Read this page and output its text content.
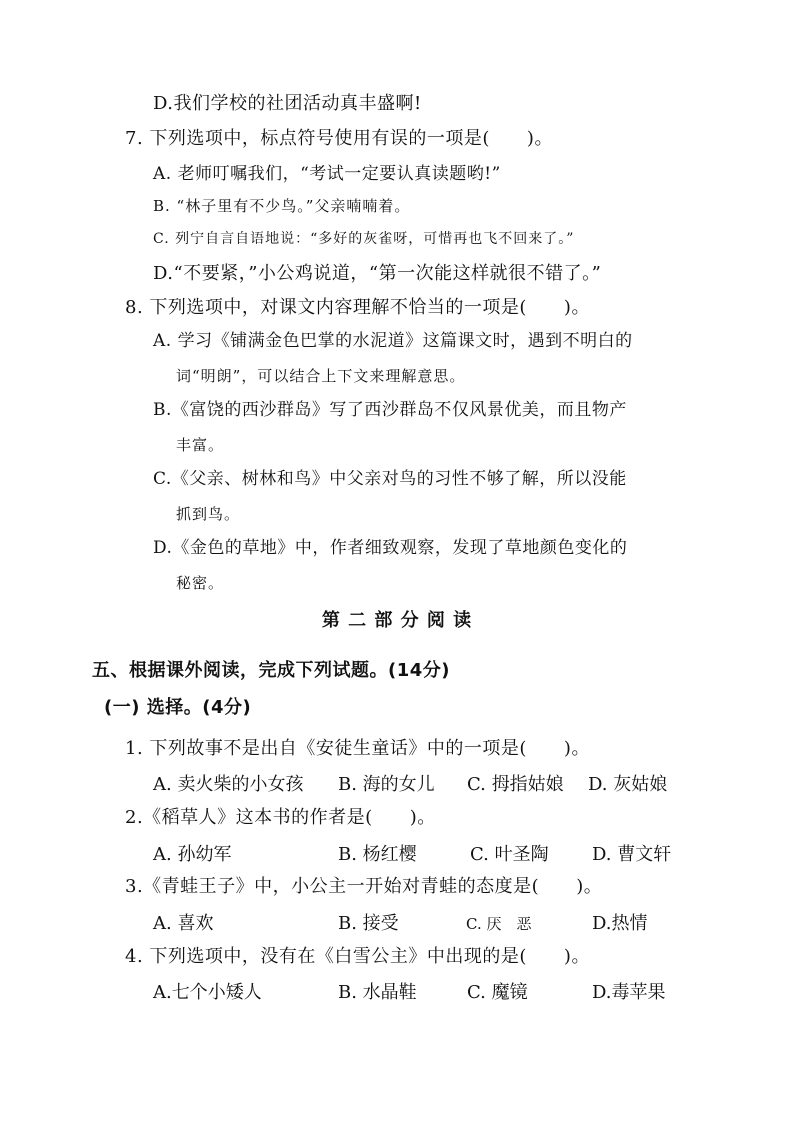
D.我们学校的社团活动真丰盛啊!
7. 下列选项中，标点符号使用有误的一项是(　　)。
A. 老师叮嘱我们，“考试一定要认真读题哟!”
B. “林子里有不少鸟。”父亲喃喃着。
C. 列宁自言自语地说：“多好的灰雀呀，可惜再也飞不回来了。”
D.“不要紧，”小公鸡说道，“第一次能这样就很不错了。”
8. 下列选项中，对课文内容理解不恰当的一项是(　　)。
A. 学习《铺满金色巴掌的水泥道》这篇课文时，遇到不明白的
词“明朗”，可以结合上下文来理解意思。
B.《富饶的西沙群岛》写了西沙群岛不仅风景优美，而且物产
丰富。
C.《父亲、树林和鸟》中父亲对鸟的习性不够了解，所以没能
抓到鸟。
D.《金色的草地》中，作者细致观察，发现了草地颜色变化的
秘密。
第 二 部 分 阅 读
五、根据课外阅读，完成下列试题。(14分)
(一) 选择。(4分)
1. 下列故事不是出自《安徒生童话》中的一项是(　　)。
A. 卖火柴的小女孩 B. 海的女儿 C. 拇指姑娘 D. 灰姑娘
2.《稻草人》这本书的作者是(　　)。
A. 孙幼军	B. 杨红樱	C. 叶圣陶 D. 曹文轩
3.《青蛙王子》中，小公主一开始对青蛙的态度是(　　)。
A. 喜欢	B. 接受	C. 厌　恶	D.热情
4. 下列选项中，没有在《白雪公主》中出现的是(　　)。
A.七个小矮人	B. 水晶鞋	C. 魔镜	D.毒苹果
